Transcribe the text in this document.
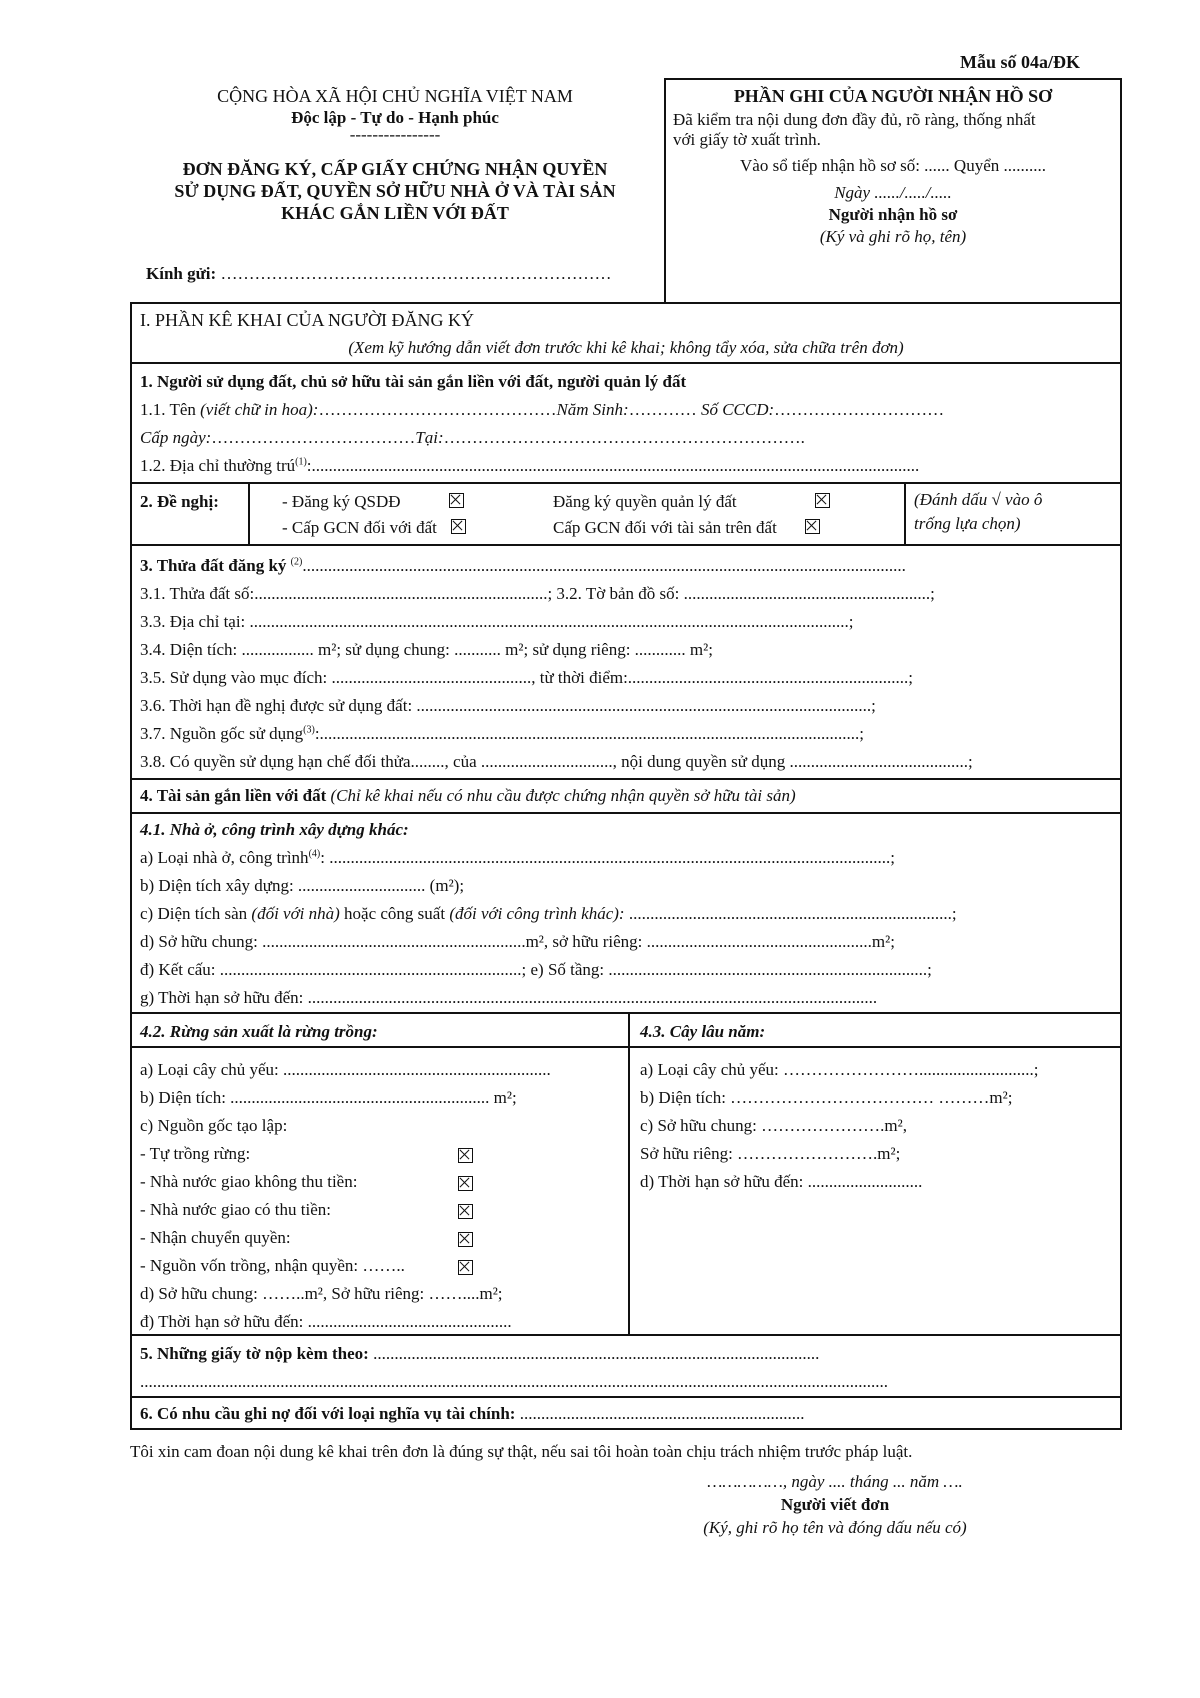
Mẫu số 04a/ĐK
CỘNG HÒA XÃ HỘI CHỦ NGHĨA VIỆT NAM
Độc lập - Tự do - Hạnh phúc
----------------
ĐƠN ĐĂNG KÝ, CẤP GIẤY CHỨNG NHẬN QUYỀN
SỬ DỤNG ĐẤT, QUYỀN SỞ HỮU NHÀ Ở VÀ TÀI SẢN
KHÁC GẮN LIỀN VỚI ĐẤT
Kính gửi: ……………………………………………………………
PHẦN GHI CỦA NGƯỜI NHẬN HỒ SƠ
Đã kiểm tra nội dung đơn đầy đủ, rõ ràng, thống nhất
với giấy tờ xuất trình.
Vào sổ tiếp nhận hồ sơ số: ...... Quyển ..........
Ngày ....../...../.....
Người nhận hồ sơ
(Ký và ghi rõ họ, tên)
I. PHẦN KÊ KHAI CỦA NGƯỜI ĐĂNG KÝ
(Xem kỹ hướng dẫn viết đơn trước khi kê khai; không tẩy xóa, sửa chữa trên đơn)
1. Người sử dụng đất, chủ sở hữu tài sản gắn liền với đất, người quản lý đất
1.1. Tên (viết chữ in hoa):……………………………………Năm Sinh:………… Số CCCD:…………………………
Cấp ngày:………………………………Tại:……………………………………………………….
1.2. Địa chỉ thường trú$^{(1)}$:...............................................................................................................................................
2. Đề nghị:	- Đăng ký QSDĐ	Đăng ký quyền quản lý đất
- Cấp GCN đối với đất	Cấp GCN đối với tài sản trên đất
(Đánh dấu √ vào ô
trống lựa chọn)
3. Thửa đất đăng ký $^{(2)}$..............................................................................................................................................
3.1. Thửa đất số:.....................................................................; 3.2. Tờ bản đồ số: ..........................................................;
3.3. Địa chỉ tại: .............................................................................................................................................;
3.4. Diện tích: ................. m²; sử dụng chung: ........... m²; sử dụng riêng: ............ m²;
3.5. Sử dụng vào mục đích: ..............................................., từ thời điểm:..................................................................;
3.6. Thời hạn đề nghị được sử dụng đất: ...........................................................................................................;
3.7. Nguồn gốc sử dụng$^{(3)}$:...............................................................................................................................;
3.8. Có quyền sử dụng hạn chế đối thửa........, của ..............................., nội dung quyền sử dụng ..........................................;
4. Tài sản gắn liền với đất (Chỉ kê khai nếu có nhu cầu được chứng nhận quyền sở hữu tài sản)
4.1. Nhà ở, công trình xây dựng khác:
a) Loại nhà ở, công trình$^{(4)}$: ....................................................................................................................................;
b) Diện tích xây dựng: .............................. (m²);
c) Diện tích sàn (đối với nhà) hoặc công suất (đối với công trình khác): ............................................................................;
d) Sở hữu chung: ..............................................................m², sở hữu riêng: .....................................................m²;
đ) Kết cấu: .......................................................................; e) Số tầng: ...........................................................................;
g) Thời hạn sở hữu đến: ......................................................................................................................................
4.2. Rừng sản xuất là rừng trồng:	4.3. Cây lâu năm:
a) Loại cây chủ yếu: ...............................................................
b) Diện tích: ............................................................. m²;
c) Nguồn gốc tạo lập:
- Tự trồng rừng:
- Nhà nước giao không thu tiền:
- Nhà nước giao có thu tiền:
- Nhận chuyển quyền:
- Nguồn vốn trồng, nhận quyền: ……..
d) Sở hữu chung: ……..m², Sở hữu riêng: ……....m²;
đ) Thời hạn sở hữu đến: ................................................
a) Loại cây chủ yếu: ……………………...........................;
b) Diện tích: ……………………………… ………m²;
c) Sở hữu chung: ………………….m²,
Sở hữu riêng: …………………….m²;
d) Thời hạn sở hữu đến: ...........................
5. Những giấy tờ nộp kèm theo: .........................................................................................................
................................................................................................................................................................................
6. Có nhu cầu ghi nợ đối với loại nghĩa vụ tài chính: ...................................................................
Tôi xin cam đoan nội dung kê khai trên đơn là đúng sự thật, nếu sai tôi hoàn toàn chịu trách nhiệm trước pháp luật.
……………, ngày .... tháng ... năm ….
Người viết đơn
(Ký, ghi rõ họ tên và đóng dấu nếu có)
